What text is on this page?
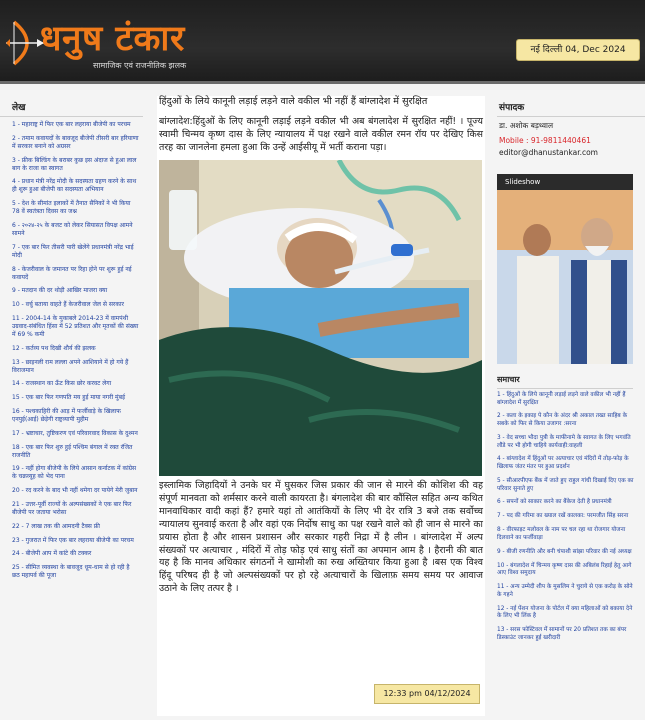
धनुष टंकार
सामाजिक एवं राजनीतिक झलक
नई दिल्ली 04, Dec 2024
लेख
1 - महाराष्ट्र में फिर एक बार लहराया बीजेपी का परचम
2 - तमाम कवायदों के बावजूद बीजेपी तीसरी बार हरियाणा में सरकार बनाने को अग्रसर
3 - फ्रीक बिल्डिंग के बराबर कुछ इस अंदाज से हुआ लाल बाग के राजा का स्वागत
4 - प्रधान मंत्री नरेंद्र मोदी के सदस्यता ग्रहण करने के साथ ही शुरू हुआ बीजेपी का सदस्यता अभियान
5 - देश के सीमांत इलाकों में तैनात सैनिकों ने भी किया 78 वें स्वतंत्रता दिवस का जश्न
6 - २०२४-२५ के बजट को लेकर सियासत विपक्ष आमने सामने
7 - एक बार फिर तीसरी पारी खेलेंगे प्रधानमंत्री नरेंद्र भाई मोदी
8 - केजरीवाल के जमानत पर रिहा होने पर शुरू हुई नई कवायदें
9 - मतदान की दर थोड़ी आखिर माजरा क्या
10 - वर्चु बताया वाहते हैं केजरीवाल जेल से सरकार
11 - 2004-14 के मुकाबले 2014-23 में वामपंथी उग्रवाद-संबंधित हिंसा में 52 प्रतिशत और मृतकों की संख्या में 69 % कमी
12 - कर्तव्य पथ दिखी शौर्य की झलक
13 - छाइनली राम लल्ला अपने आशियाने में हो गये हैं विराजमान
14 - राजस्थान का ऊँट किस छोर करवट लेगा
15 - एक बार फिर गणपति मय हुई माया नगरी मुंबई
16 - पश्चकाहिरी की आड़ में फर्जीवाड़े के खिलाफ एनपुई(आई) छेड़ेगी राष्ट्रव्यापी मुहीम
17 - भ्रष्टाचार, तुष्टिकरण एवं परिवारवाद विकास के दुश्मन
18 - एक बार फिर शुरु हुई पश्चिम बंगाल में रक्त रंजित राजनीति
19 - नहीं होगा बीजेपी के लिये आसान कर्नाटक में कांग्रेस के चक्रव्यूह को भेद पाना
20 - रद करने के बाद भी नहीं थमेगा दर पायेगे मेरी जुबान
21 - उत्तर-पूर्वी राज्यों के अल्पसंख्यकों ने एक बार फिर बीजेपी पर जताया भरोसा
22 - 7 लाख तक की आमदनी टैक्स फ्री
23 - गुजरात में फिर एक बार लहराया बीजेपी का परचम
24 - बीजेपी आप में कांटे की टक्कर
25 - सीमित व्यवस्था के बावजूद धूम-धाम से हो रही है छठ महापर्व की पूजा
हिंदुओं के लिये कानूनी लड़ाई लड़ने वाले वकील भी नहीं हैं बांग्लादेश में सुरक्षित
बांग्लादेश:हिंदुओं के लिए कानूनी लड़ाई लड़ने वकील भी अब बंगलादेश में सुरक्षित नहीं! । पूज्य स्वामी चिन्मय कृष्ण दास के लिए न्यायालय में पक्ष रखने वाले वकील रमन रॉय पर देखिए किस तरह का जानलेना हमला हुआ कि उन्हें आईसीयू में भर्ती कराना पड़ा।
इस्लामिक जिहादियों ने उनके घर में घुसकर जिस प्रकार की जान से मारने की कोशिश की वह संपूर्ण मानवता को शर्मसार करने वाली कायरता है। बंगलादेश की बार कौंसिल सहित अन्य कथित मानवाधिकार वादी कहां हैं? हमारे यहां तो आतंकियों के लिए भी देर रात्रि 3 बजे तक सर्वोच्च न्यायालय सुनवाई करता है और वहां एक निर्दोष साधु का पक्ष रखने वाले को ही जान से मारने का प्रयास होता है और शासन प्रशासन और सरकार गहरी निद्रा में है लीन । बांग्लादेश में अल्प संख्यकों पर अत्याचार , मंदिरों में तोड़ फोड़ एवं साधु संतों का अपमान आम है । हैरानी की बात यह है कि मानव अधिकार संगठनों ने खामोशी का रुख अख्तियार किया हुआ है ।बस एक विश्व हिंदू परिषद ही है जो अल्पसंख्यकों पर हो रहे अत्याचारों के खिलाफ़ समय समय पर आवाज उठाने के लिए तत्पर है ।
12:33 pm 04/12/2024
संपादक
डा. अशोक बड़थ्वाल
Mobile : 91-9811440461
editor@dhanustankar.com
Slideshow
समाचार
1 - हिंदुओं के लिये कानूनी लड़ाई लड़ने वाले वकील भी नहीं हैं बांग्लादेश में सुरक्षित
2 - कला के इकाइ पे कौन के अंदर श्री अकाल तख्त साहिब के सबके को फिर से किया उजागर :सरना
3 - वेद सच्चा भौदा पुत्री के माफीनामे के स्वागत के लिए भगवंति लौंडे पर भी होगी चाहिये कार्यवाही:वाहली
4 - बांग्लादेश में हिंदुओं पर अत्याचार एवं मंदिरों में तोड़-फोड़ के खिलाफ जंतर मंतर पर हुआ प्रदर्शन
5 - सीआरपीएफ बैंक में जाते हुए राहुल गांधी दिखाई दिए एक का परिवार सुनाते हुए
6 - सपनों को साकार करने का बैंकेज देती है प्रधानमंत्री
7 - पद की गरिमा का ख्याल रखें कालका: परमजीत सिंह सरना
8 - वीरफाइट मलोवल के नाम पर चल रहा था रोजगार योजना दिलवाने का फर्जीवाड़ा
9 - बीजी रणनीति और बनी चंपाशी सांझा परिवार की नई अध्यक्ष
10 - बंगलादेश में चिन्मय कृष्ण दास की अबिलंब रिहाई हेतु आगे आए विश्व समुदाय
11 - अन्य उम्मेदी शीप के मुसलिम ने चुराये से एक करोड़ के सोने के गहने
12 - नई पेंशन योजना के पोर्टल में क्या महिलाओं को बकाया देने के लिए भी लिंक है
13 - सरस फोस्टिवल में सामानों पर 20 प्रतिशत तक का बंपर डिस्काउंट जानकर हुई खरीदारी
